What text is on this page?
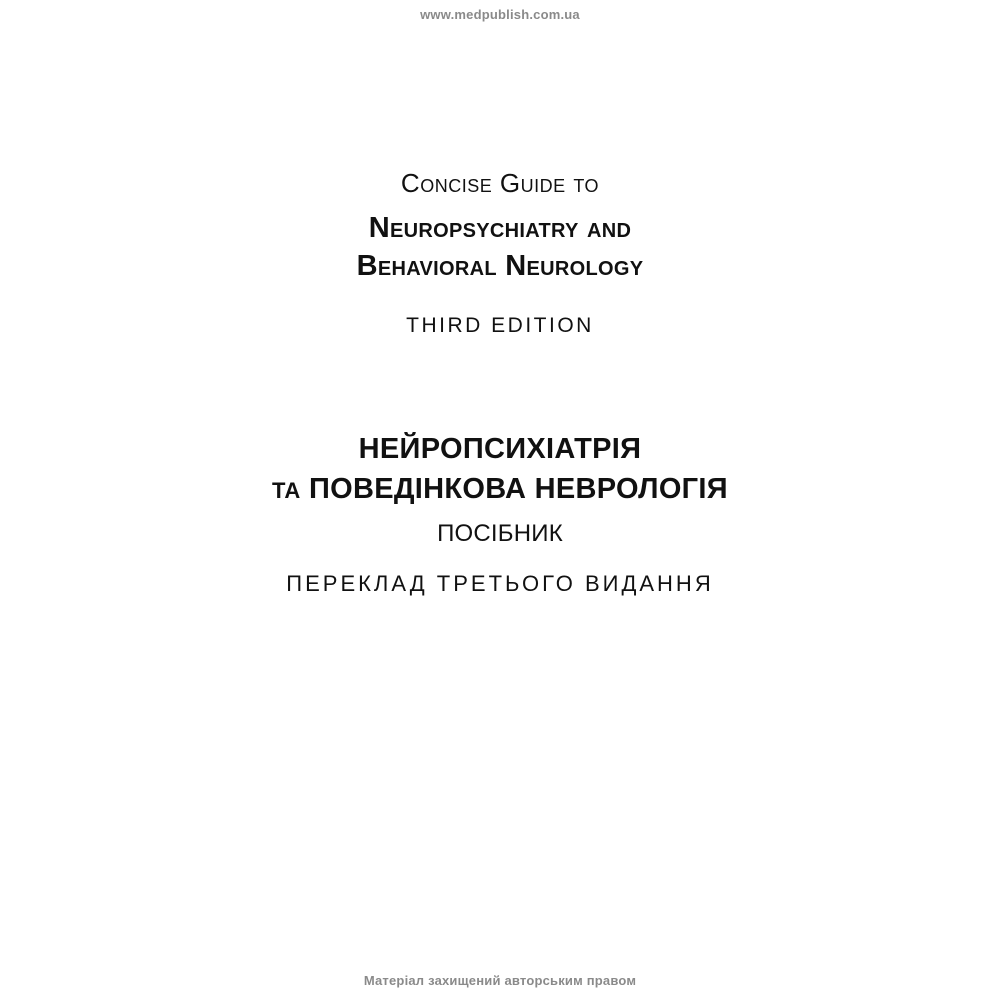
www.medpublish.com.ua
Concise Guide to
Neuropsychiatry and
Behavioral Neurology
THIRD EDITION
НЕЙРОПСИХІАТРІЯ
ТА ПОВЕДІНКОВА НЕВРОЛОГІЯ
ПОСІБНИК
ПЕРЕКЛАД ТРЕТЬОГО ВИДАННЯ
Матеріал захищений авторським правом
